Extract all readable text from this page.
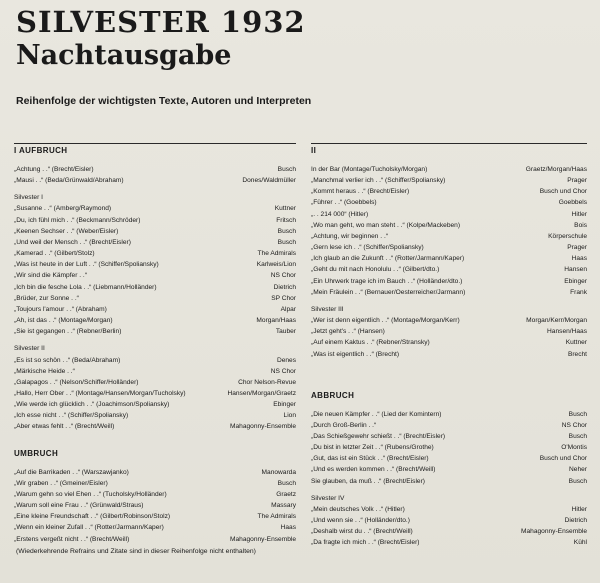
SILVESTER 1932
Nachtausgabe
Reihenfolge der wichtigsten Texte, Autoren und Interpreten
I AUFBRUCH
„Achtung . .“ (Brecht/Eisler)	Busch
„Mausi . .“ (Beda/Grünwald/Abraham)	Dones/Waldmüller
Silvester I
„Susanne . .“ (Amberg/Raymond)	Kuttner
„Du, ich fühl mich . .“ (Beckmann/Schröder)	Fritsch
„Keenen Sechser . .“ (Weber/Eisler)	Busch
„Und weil der Mensch . .“ (Brecht/Eisler)	Busch
„Kamerad . .“ (Gilbert/Stolz)	The Admirals
„Was ist heute in der Luft . .“ (Schiffer/Spoliansky)	Karlweis/Lion
„Wir sind die Kämpfer . .“	NS Chor
„Ich bin die fesche Lola . .“ (Liebmann/Holländer)	Dietrich
„Brüder, zur Sonne . .“	SP Chor
„Toujours l'amour . .“ (Abraham)	Alpar
„Ah, ist das . .“ (Montage/Morgan)	Morgan/Haas
„Sie ist gegangen . .“ (Rebner/Berlin)	Tauber
Silvester II
„Es ist so schön . .“ (Beda/Abraham)	Denes
„Märkische Heide . .“	NS Chor
„Galapagos . .“ (Nelson/Schiffer/Holländer)	Chor Nelson-Revue
„Hallo, Herr Ober . .“ (Montage/Hansen/Morgan/Tucholsky)	Hansen/Morgan/Graetz
„Wie werde ich glücklich . .“ (Joachimson/Spoliansky)	Ebinger
„Ich esse nicht . .“ (Schiffer/Spoliansky)	Lion
„Aber etwas fehlt . .“ (Brecht/Weill)	Mahagonny-Ensemble
UMBRUCH
„Auf die Barrikaden . .“ (Warszawjanko)	Manowarda
„Wir graben . .“ (Gmeiner/Eisler)	Busch
„Warum gehn so viel Ehen . .“ (Tucholsky/Holländer)	Graetz
„Warum soll eine Frau . .“ (Grünwald/Straus)	Massary
„Eine kleine Freundschaft . .“ (Gilbert/Robinson/Stolz)	The Admirals
„Wenn ein kleiner Zufall . .“ (Rotter/Jarmann/Kaper)	Haas
„Erstens vergeßt nicht . .“ (Brecht/Weill)	Mahagonny-Ensemble
II
In der Bar (Montage/Tucholsky/Morgan)	Graetz/Morgan/Haas
„Manchmal verlier ich . .“ (Schiffer/Spoliansky)	Prager
„Kommt heraus . .“ (Brecht/Eisler)	Busch und Chor
„Führer . .“ (Goebbels)	Goebbels
„. . 214 000“ (Hitler)	Hitler
„Wo man geht, wo man steht . .“ (Kolpe/Mackeben)	Bois
„Achtung, wir beginnen . .“	Körperschule
„Gern lese ich . .“ (Schiffer/Spoliansky)	Prager
„Ich glaub an die Zukunft . .“ (Rotter/Jarmann/Kaper)	Haas
„Geht du mit nach Honolulu . .“ (Gilbert/dto.)	Hansen
„Ein Uhrwerk trage ich im Bauch . .“ (Holländer/dto.)	Ebinger
„Mein Fräulein . .“ (Bernauer/Oesterreicher/Jarmann)	Frank
Silvester III
„Wer ist denn eigentlich . .“ (Montage/Morgan/Kerr)	Morgan/Kerr/Morgan
„Jetzt geht's . .“ (Hansen)	Hansen/Haas
„Auf einem Kaktus . .“ (Rebner/Stransky)	Kuttner
„Was ist eigentlich . .“ (Brecht)	Brecht
ABBRUCH
„Die neuen Kämpfer . .“ (Lied der Komintern)	Busch
„Durch Groß-Berlin . .“	NS Chor
„Das Schießgewehr schießt . .“ (Brecht/Eisler)	Busch
„Du bist in letzter Zeit . .“ (Rubens/Grothe)	O'Montis
„Gut, das ist ein Stück . .“ (Brecht/Eisler)	Busch und Chor
„Und es werden kommen . .“ (Brecht/Weill)	Neher
Sie glauben, da muß . .“ (Brecht/Eisler)	Busch
Silvester IV
„Mein deutsches Volk . .“ (Hitler)	Hitler
„Und wenn sie . .“ (Holländer/dto.)	Dietrich
„Deshalb wirst du . .“ (Brecht/Weill)	Mahagonny-Ensemble
„Da fragte ich mich . .“ (Brecht/Eisler)	Kühl
(Wiederkehrende Refrains und Zitate sind in dieser Reihenfolge nicht enthalten)
